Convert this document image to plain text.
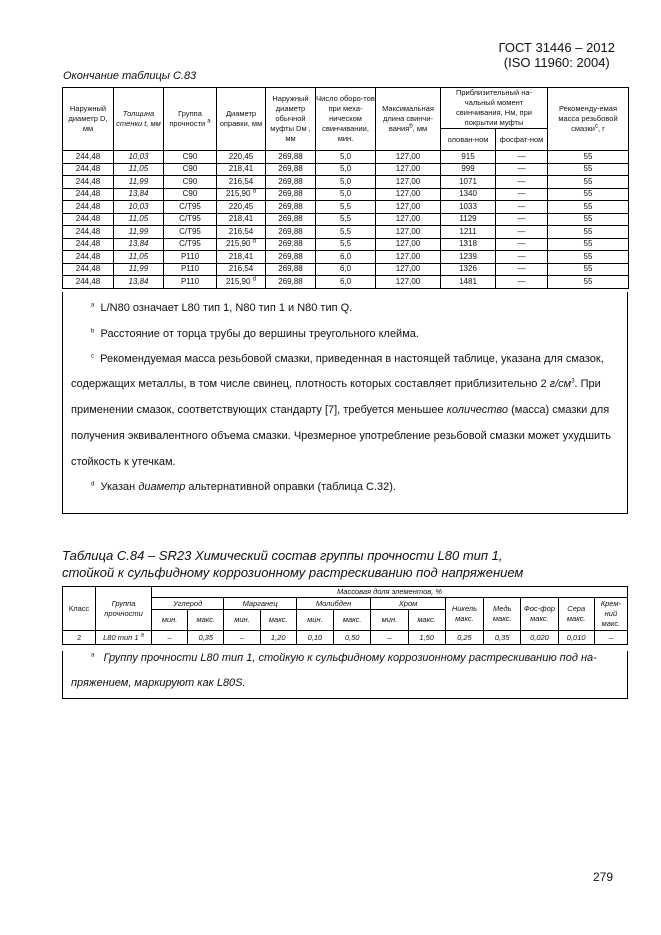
ГОСТ 31446 – 2012
(ISO 11960: 2004)
Окончание таблицы С.83
Наружный диаметр D, мм	Толщина стенки t, мм	Группа прочности $^a$	Диаметр оправки, мм	Наружный диаметр обычной муфты Dм , мм	Число оборо-тов при меха-ническом свинчивании, мин.	Максимальная длина свинчи-вания$^b$, мм	Приблизительный на-чальный момент свинчивания, Нм, при покрытии муфты		Рекоменду-емая масса резьбовой смазки$^c$, г
							олован-ном	фосфат-ном	
244,48	10,03	C90	220,45	269,88	5,0	127,00	915	—	55
244,48	11,05	C90	218,41	269,88	5,0	127,00	999	—	55
244,48	11,99	C90	216,54	269,88	5,0	127,00	1071	—	55
244,48	13,84	C90	215,90 $^d$	269,88	5,0	127,00	1340	—	55
244,48	10,03	C/T95	220,45	269,88	5,5	127,00	1033	—	55
244,48	11,05	C/T95	218,41	269,88	5,5	127,00	1129	—	55
244,48	11,99	C/T95	216,54	269,88	5,5	127,00	1211	—	55
244,48	13,84	C/T95	215,90 $^d$	269,88	5,5	127,00	1318	—	55
244,48	11,05	P110	218,41	269,88	6,0	127,00	1239	—	55
244,48	11,99	P110	216,54	269,88	6,0	127,00	1326	—	55
244,48	13,84	P110	215,90 $^d$	269,88	6,0	127,00	1481	—	55

$^a$ L/N80 означает L80 тип 1, N80 тип 1 и N80 тип Q.

$^b$ Расстояние от торца трубы до вершины треугольного клейма.

$^c$ Рекомендуемая масса резьбовой смазки, приведенная в настоящей таблице, указана для смазок,

содержащих металлы, в том числе свинец, плотность которых составляет приблизительно 2 $г/см^3$. При

применении смазок, соответствующих стандарту [7], требуется меньшее количество (масса) смазки для

получения эквивалентного объема смазки. Чрезмерное употребление резьбовой смазки может ухудшить

стойкость к утечкам.

$^d$ Указан диаметр альтернативной оправки (таблица С.32).

Таблица С.84 – SR23 Химический состав группы прочности L80 тип 1,
стойкой к сульфидному коррозионному растрескиванию под напряжением
Класс	Группа прочности	Массовая доля элементов, %												
		Углерод		Марганец		Молибден		Хром		Никель макс.	Медь макс.	Фос-фор макс.	Сера макс.	Крем-ний макс.
		мин.	макс.	мин.	макс.	мин.	макс.	мин.	макс.					
2	L80 тип 1 $^a$	–	0,35	–	1,20	0,10	0,50	–	1,50	0,25	0,35	0,020	0,010	–

$^a$ Группу прочности L80 тип 1, стойкую к сульфидному коррозионному растрескиванию под на-

пряжением, маркируют как L80S.

279
